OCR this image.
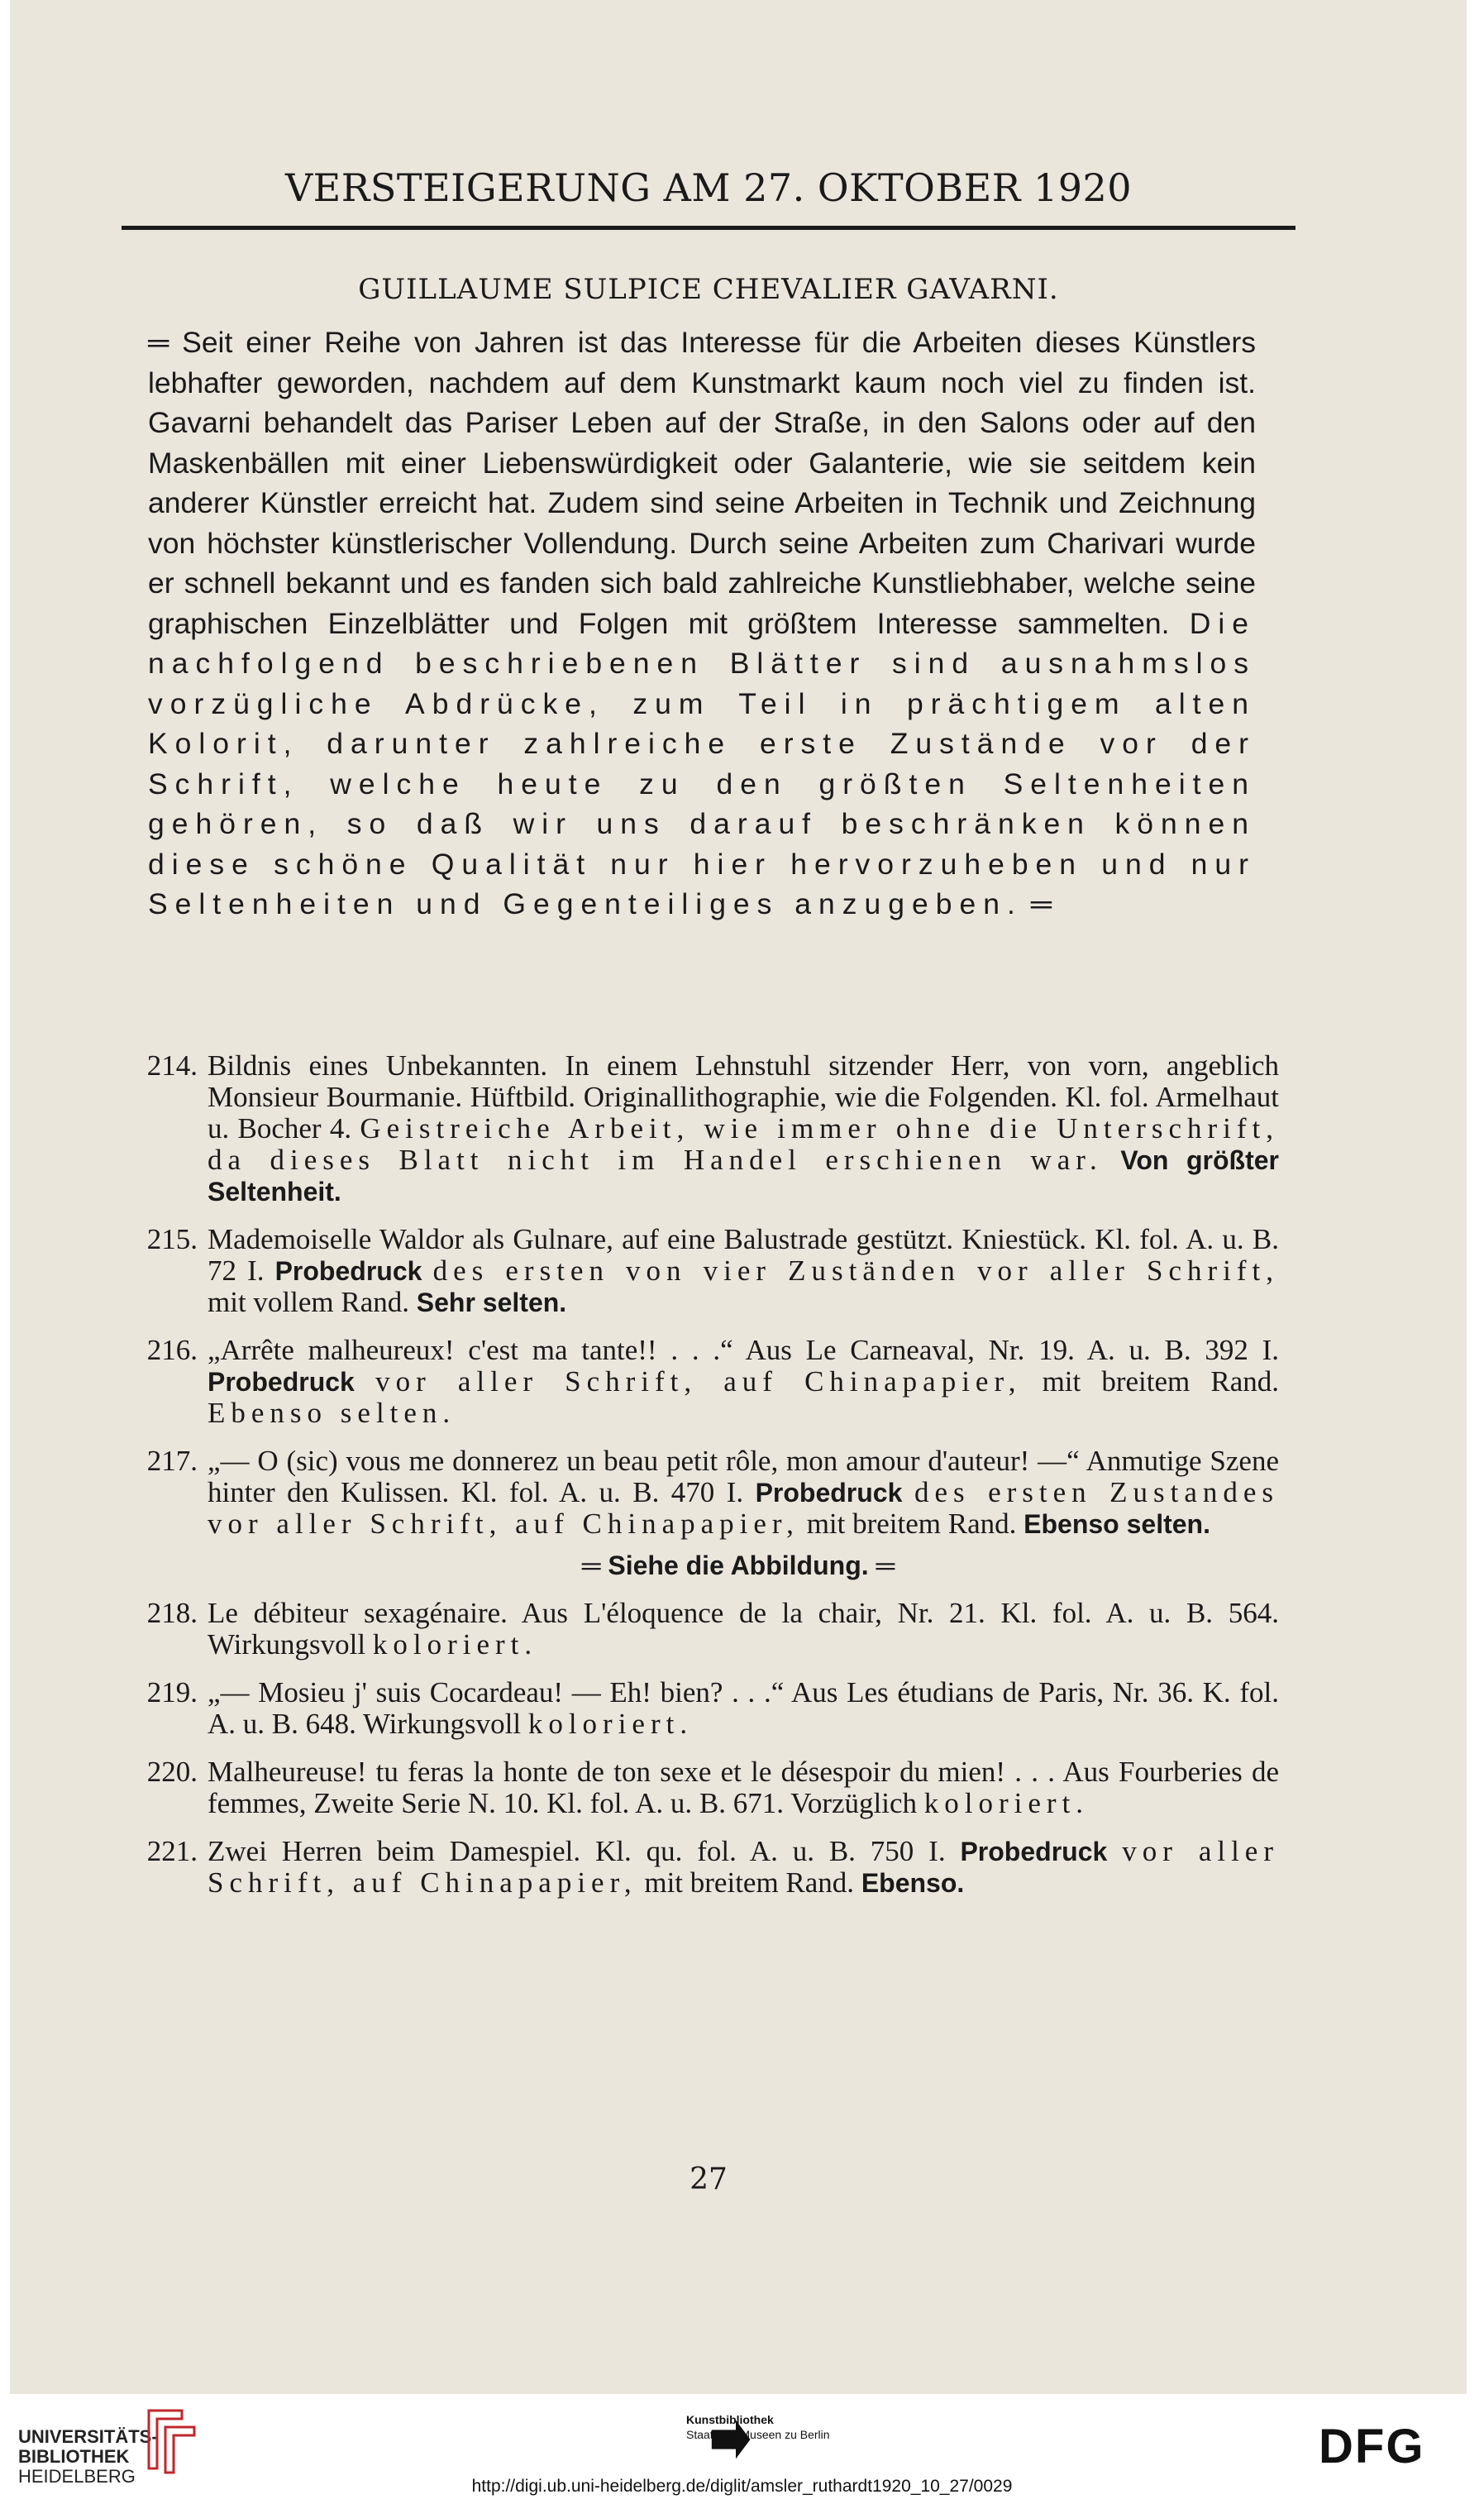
VERSTEIGERUNG AM 27. OKTOBER 1920
GUILLAUME SULPICE CHEVALIER GAVARNI.

═ Seit einer Reihe von Jahren ist das Interesse für die Arbeiten dieses Künstlers lebhafter geworden, nachdem auf dem Kunstmarkt kaum noch viel zu finden ist. Gavarni behandelt das Pariser Leben auf der Straße, in den Salons oder auf den Maskenbällen mit einer Liebenswürdigkeit oder Galanterie, wie sie seitdem kein anderer Künstler erreicht hat. Zudem sind seine Arbeiten in Technik und Zeichnung von höchster künstlerischer Vollendung. Durch seine Arbeiten zum Charivari wurde er schnell bekannt und es fanden sich bald zahlreiche Kunstliebhaber, welche seine graphischen Einzelblätter und Folgen mit größtem Interesse sammelten. Die nachfolgend beschriebenen Blätter sind ausnahmslos vorzügliche Abdrücke, zum Teil in prächtigem alten Kolorit, darunter zahlreiche erste Zustände vor der Schrift, welche heute zu den größten Seltenheiten gehören, so daß wir uns darauf beschränken können diese schöne Qualität nur hier hervorzuheben und nur Seltenheiten und Gegenteiliges anzugeben. ═

214. Bildnis eines Unbekannten. In einem Lehnstuhl sitzender Herr, von vorn, angeblich Monsieur Bourmanie. Hüftbild. Originallithographie, wie die Folgenden. Kl. fol. Armelhaut u. Bocher 4. Geistreiche Arbeit, wie immer ohne die Unterschrift, da dieses Blatt nicht im Handel erschienen war. Von größter Seltenheit.
215. Mademoiselle Waldor als Gulnare, auf eine Balustrade gestützt. Kniestück. Kl. fol. A. u. B. 72 I. Probedruck des ersten von vier Zuständen vor aller Schrift, mit vollem Rand. Sehr selten.
216. „Arrête malheureux! c'est ma tante!! . . .“ Aus Le Carneaval, Nr. 19. A. u. B. 392 I. Probedruck vor aller Schrift, auf Chinapapier, mit breitem Rand. Ebenso selten.
217. „— O (sic) vous me donnerez un beau petit rôle, mon amour d'auteur! —“ Anmutige Szene hinter den Kulissen. Kl. fol. A. u. B. 470 I. Probedruck des ersten Zustandes vor aller Schrift, auf Chinapapier, mit breitem Rand. Ebenso selten.
═ Siehe die Abbildung. ═
218. Le débiteur sexagénaire. Aus L'éloquence de la chair, Nr. 21. Kl. fol. A. u. B. 564. Wirkungsvoll koloriert.
219. „— Mosieu j' suis Cocardeau! — Eh! bien? . . .“ Aus Les étudians de Paris, Nr. 36. K. fol. A. u. B. 648. Wirkungsvoll koloriert.
220. Malheureuse! tu feras la honte de ton sexe et le désespoir du mien! . . . Aus Fourberies de femmes, Zweite Serie N. 10. Kl. fol. A. u. B. 671. Vorzüglich koloriert.
221. Zwei Herren beim Damespiel. Kl. qu. fol. A. u. B. 750 I. Probedruck vor aller Schrift, auf Chinapapier, mit breitem Rand. Ebenso.
27
UNIVERSITÄTS-
BIBLIOTHEK
HEIDELBERG
Kunstbibliothek
Staatliche Museen zu Berlin	DFG
http://digi.ub.uni-heidelberg.de/diglit/amsler_ruthardt1920_10_27/0029
